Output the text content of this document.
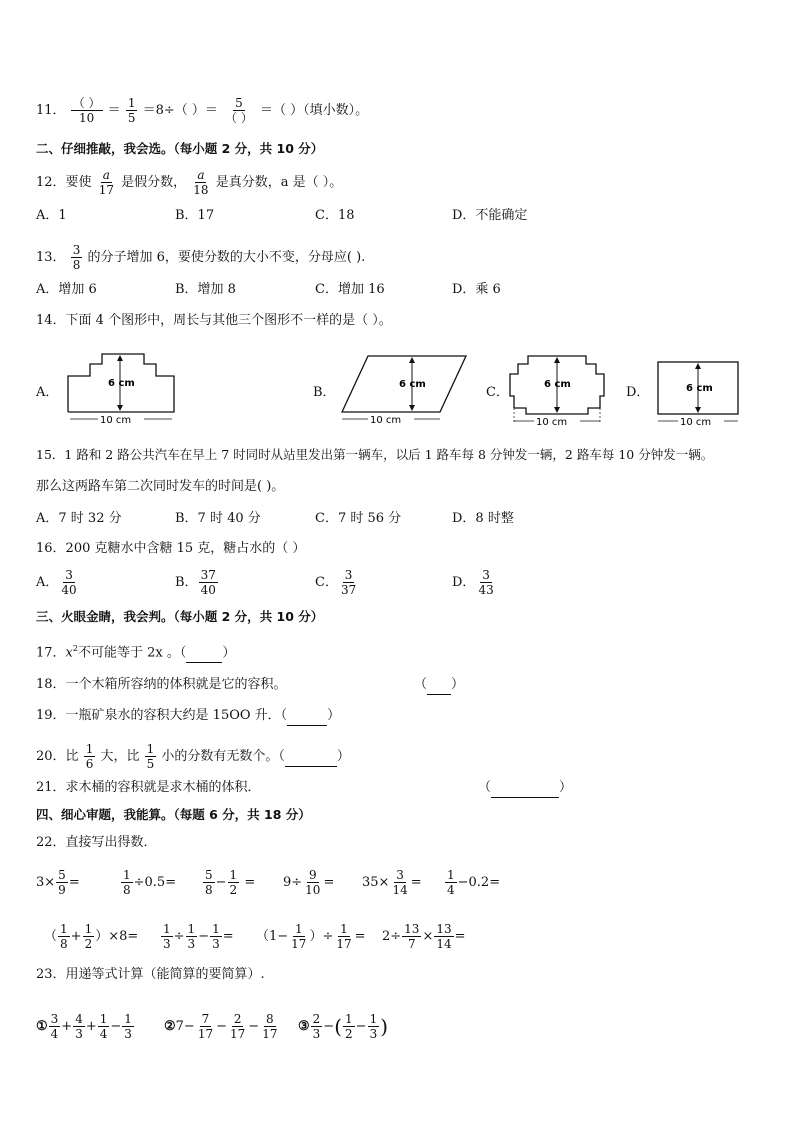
11． （ ）
$10 = \frac{1}{5} =8\div$（ ）＝ 5
（ ） ＝（ ）（填小数）。
二、仔细推敲，我会选。（每小题 2 分，共 10 分）
12．要使 $\frac{a}{17}$ 是假分数， $\frac{a}{18}$ 是真分数，a 是（ ）。
A．1	B．17	C．18	D．不能确定
13． $\frac{3}{8}$ 的分子增加 6，要使分数的大小不变，分母应( ).
A．增加 6	B．增加 8	C．增加 16	D．乘 6
14．下面 4 个图形中，周长与其他三个图形不一样的是（ ）。
A．
6 cm
10 cm
B．
6 cm
10 cm
C．
6 cm
10 cm
D．	6 cm
10 cm
15．1 路和 2 路公共汽车在早上 7 时同时从站里发出第一辆车，以后 1 路车每 8 分钟发一辆，2 路车每 10 分钟发一辆。
那么这两路车第二次同时发车的时间是( )。
A．7 时 32 分	B．7 时 40 分	C．7 时 56 分	D．8 时整
16．200 克糖水中含糖 15 克，糖占水的（ ）
A． $\frac{3}{40}$	B． $\frac{37}{40}$	C． $\frac{3}{37}$	D． $\frac{3}{43}$
三、火眼金睛，我会判。（每小题 2 分，共 10 分）
17．$x^2$不可能等于 2x 。（	）
18．一个木箱所容纳的体积就是它的容积。	（ ）
19．一瓶矿泉水的容积大约是 15OO 升．（	）
20．比 $\frac{1}{6}$ 大，比 $\frac{1}{5}$ 小的分数有无数个。（	）
21．求木桶的容积就是求木桶的体积．	（	）
四、细心审题，我能算。（每题 6 分，共 18 分）
22．直接写出得数．
$3\times \frac{5}{9}$ =	$\frac{1}{8} \div 0.5= \frac{5}{8} - \frac{1}{2} = 9\div \frac{9}{10} = 35\times \frac{3}{14} = \frac{1}{4} -0.2=$
（ $\frac{1}{8} + \frac{1}{2} )\times 8= \frac{1}{3} \div \frac{1}{3} - \frac{1}{3} = (1- \frac{1}{17}$ ）÷ $\frac{1}{17} = 2\div \frac{13}{7} \times \frac{13}{14}$ =
23．用递等式计算（能简算的要简算）.
① $\frac{3}{4} + \frac{4}{3} + \frac{1}{4} - \frac{1}{3}$ ②7− $\frac{7}{17} - \frac{2}{17} - \frac{8}{17}$ ③ $\frac{2}{3}$ −( $\frac{1}{2} - \frac{1}{3}$ )
